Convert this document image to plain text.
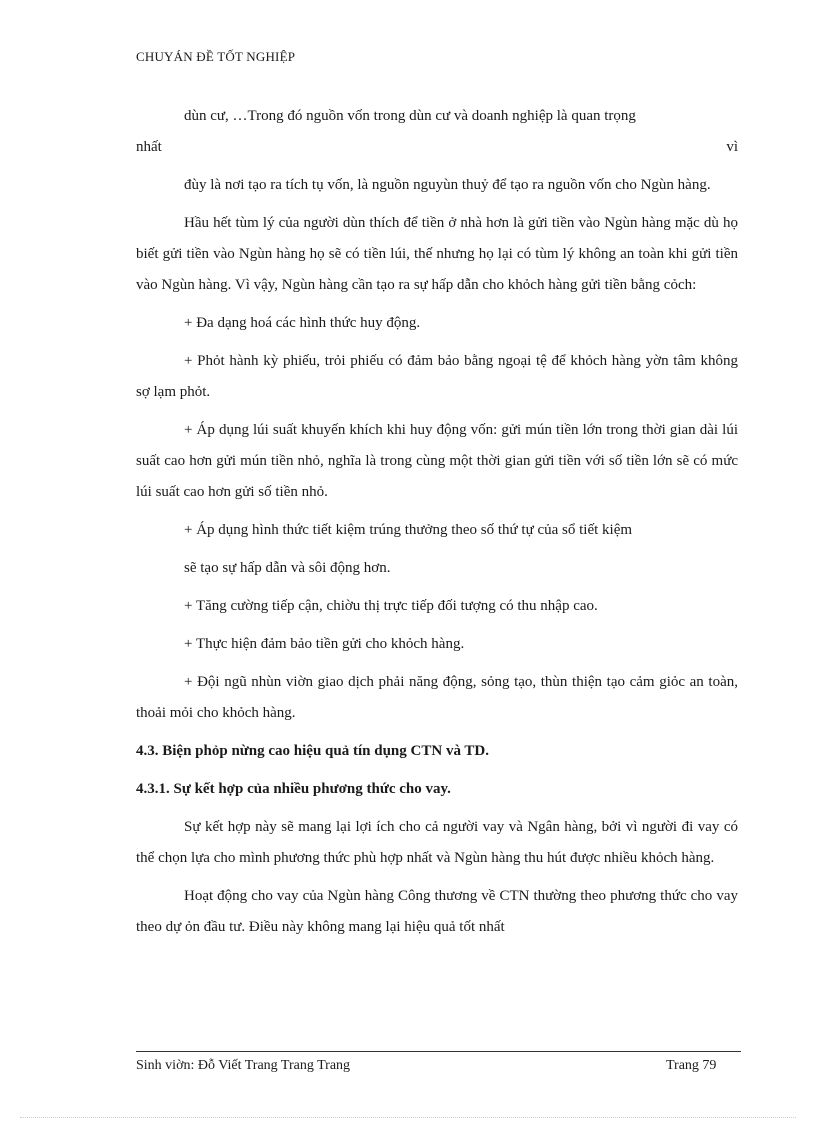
CHUYÁN ĐỀ TỐT NGHIỆP

dùn cư, …Trong đó nguồn vốn trong dùn cư và doanh nghiệp là quan trọng

nhất	vì

đùy là nơi tạo ra tích tụ vốn, là nguồn nguyùn thuỷ để tạo ra nguồn vốn cho Ngùn hàng.

Hầu hết tùm lý của người dùn thích để tiền ở nhà hơn là gửi tiền vào Ngùn hàng mặc dù họ biết gửi tiền vào Ngùn hàng họ sẽ có tiền lúi, thế nhưng họ lại có tùm lý không an toàn khi gửi tiền vào Ngùn hàng. Vì vậy, Ngùn hàng cần tạo ra sự hấp dẫn cho khỏch hàng gửi tiền bằng cỏch:

+ Đa dạng hoá các hình thức huy động.

+ Phỏt hành kỳ phiếu, trỏi phiếu có đảm bảo bằng ngoại tệ để khỏch hàng yờn tâm không sợ lạm phỏt.

+ Áp dụng lúi suất khuyến khích khi huy động vốn: gửi mún tiền lớn trong thời gian dài lúi suất cao hơn gửi mún tiền nhỏ, nghĩa là trong cùng một thời gian gửi tiền với số tiền lớn sẽ có mức lúi suất cao hơn gửi số tiền nhỏ.

+ Áp dụng hình thức tiết kiệm trúng thưởng theo số thứ tự của sổ tiết kiệm

sẽ tạo sự hấp dẫn và sôi động hơn.

+ Tăng cường tiếp cận, chiờu thị trực tiếp đối tượng có thu nhập cao.

+ Thực hiện đảm bảo tiền gửi cho khỏch hàng.

+ Đội ngũ nhùn viờn giao dịch phải năng động, sỏng tạo, thùn thiện tạo cảm giỏc an toàn, thoải mỏi cho khỏch hàng.

4.3. Biện phỏp nừng cao hiệu quả tín dụng CTN và TD.
4.3.1. Sự kết hợp của nhiều phương thức cho vay.

Sự kết hợp này sẽ mang lại lợi ích cho cả người vay và Ngân hàng, bởi vì người đi vay có thể chọn lựa cho mình phương thức phù hợp nhất và Ngùn hàng thu hút được nhiều khỏch hàng.

Hoạt động cho vay của Ngùn hàng Công thương về CTN thường theo phương thức cho vay theo dự ỏn đầu tư. Điều này không mang lại hiệu quả tốt nhất

Sinh viờn: Đỗ Viết Trang Trang Trang	Trang 79
